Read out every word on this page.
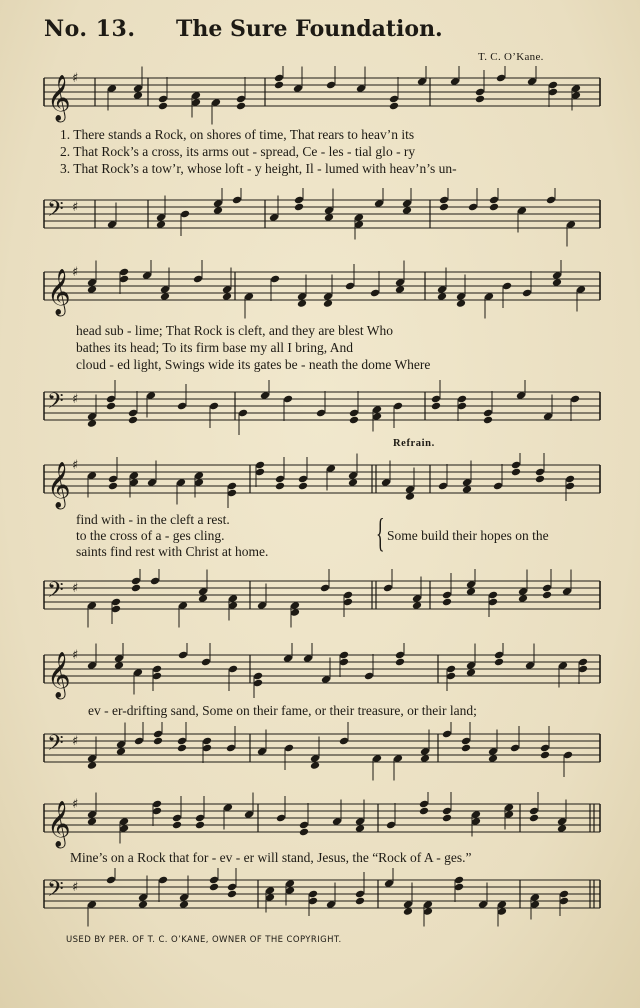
No. 13. The Sure Foundation.
T. C. O’Kane.
𝄞 ♯
𝄢 ♯
1. There stands a Rock, on shores of time, That rears to heav’n its
2. That Rock’s a cross, its arms out - spread, Ce - les - tial glo - ry
3. That Rock’s a tow’r, whose loft - y height, Il - lumed with heav’n’s un-
𝄞 ♯
𝄢 ♯
head sub - lime; That Rock is cleft, and they are blest Who
bathes its head; To its firm base my all I bring, And
cloud - ed light, Swings wide its gates be - neath the dome Where
Refrain.
𝄞 ♯
𝄢 ♯
find with - in the cleft a rest.
to the cross of a - ges cling.
saints find rest with Christ at home.	{ Some build their hopes on the
𝄞 ♯
𝄢 ♯
ev - er-drifting sand, Some on their fame, or their treasure, or their land;
𝄞 ♯
𝄢 ♯
Mine’s on a Rock that for - ev - er will stand, Jesus, the “Rock of A - ges.”
USED BY PER. OF T. C. O’KANE, OWNER OF THE COPYRIGHT.
